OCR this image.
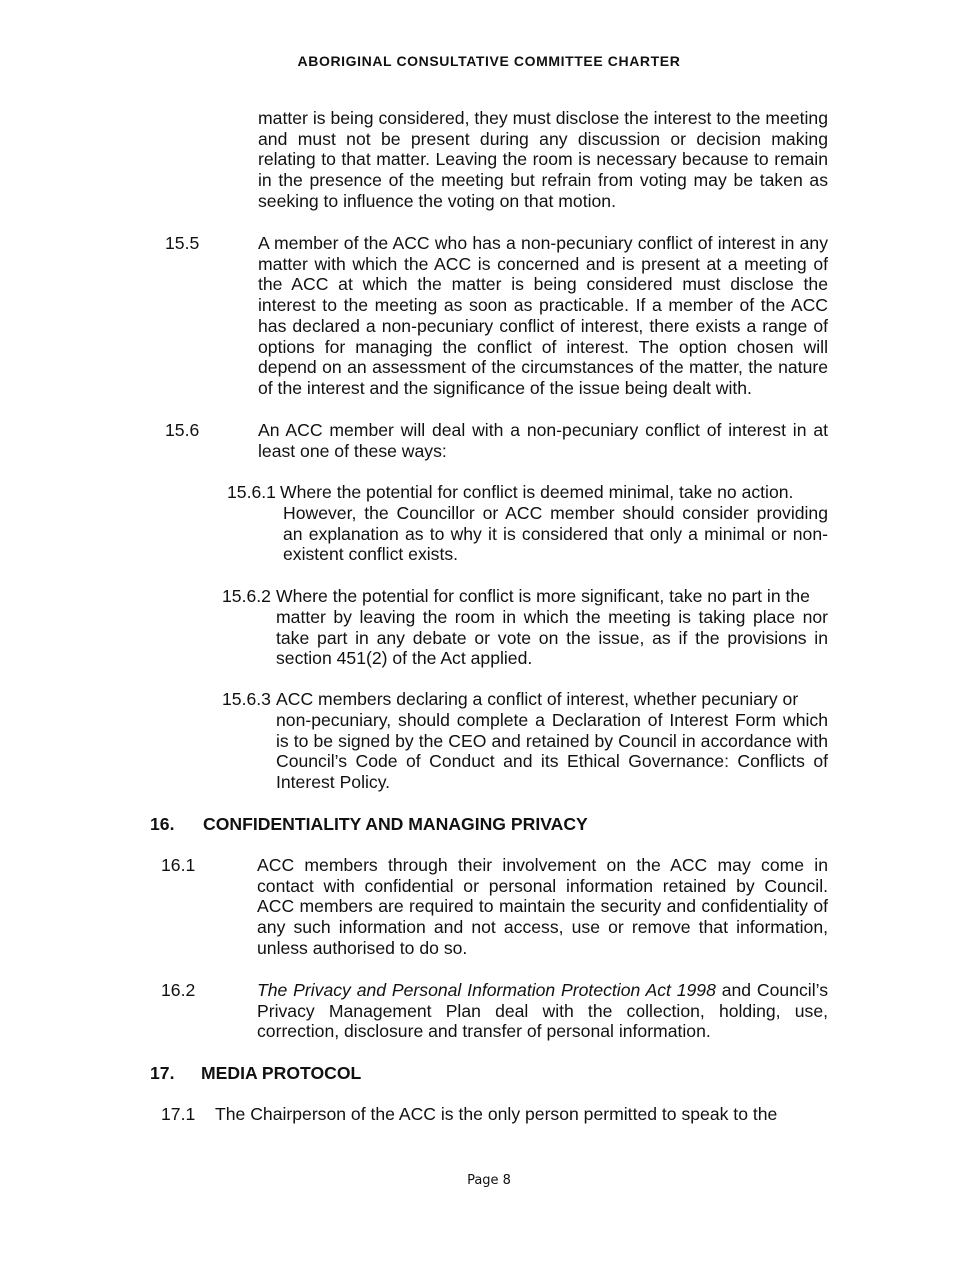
ABORIGINAL CONSULTATIVE COMMITTEE CHARTER
matter is being considered, they must disclose the interest to the meeting and must not be present during any discussion or decision making relating to that matter. Leaving the room is necessary because to remain in the presence of the meeting but refrain from voting may be taken as seeking to influence the voting on that motion.
15.5	A member of the ACC who has a non-pecuniary conflict of interest in any matter with which the ACC is concerned and is present at a meeting of the ACC at which the matter is being considered must disclose the interest to the meeting as soon as practicable. If a member of the ACC has declared a non-pecuniary conflict of interest, there exists a range of options for managing the conflict of interest. The option chosen will depend on an assessment of the circumstances of the matter, the nature of the interest and the significance of the issue being dealt with.
15.6	An ACC member will deal with a non-pecuniary conflict of interest in at least one of these ways:
15.6.1 Where the potential for conflict is deemed minimal, take no action.
However, the Councillor or ACC member should consider providing an explanation as to why it is considered that only a minimal or non-existent conflict exists.
15.6.2 Where the potential for conflict is more significant, take no part in the
matter by leaving the room in which the meeting is taking place nor take part in any debate or vote on the issue, as if the provisions in section 451(2) of the Act applied.
15.6.3 ACC members declaring a conflict of interest, whether pecuniary or
non-pecuniary, should complete a Declaration of Interest Form which is to be signed by the CEO and retained by Council in accordance with Council’s Code of Conduct and its Ethical Governance: Conflicts of Interest Policy.
16. CONFIDENTIALITY AND MANAGING PRIVACY
16.1	ACC members through their involvement on the ACC may come in contact with confidential or personal information retained by Council. ACC members are required to maintain the security and confidentiality of any such information and not access, use or remove that information, unless authorised to do so.
16.2	The Privacy and Personal Information Protection Act 1998 and Council’s Privacy Management Plan deal with the collection, holding, use, correction, disclosure and transfer of personal information.
17. MEDIA PROTOCOL
17.1 The Chairperson of the ACC is the only person permitted to speak to the
Page 8
